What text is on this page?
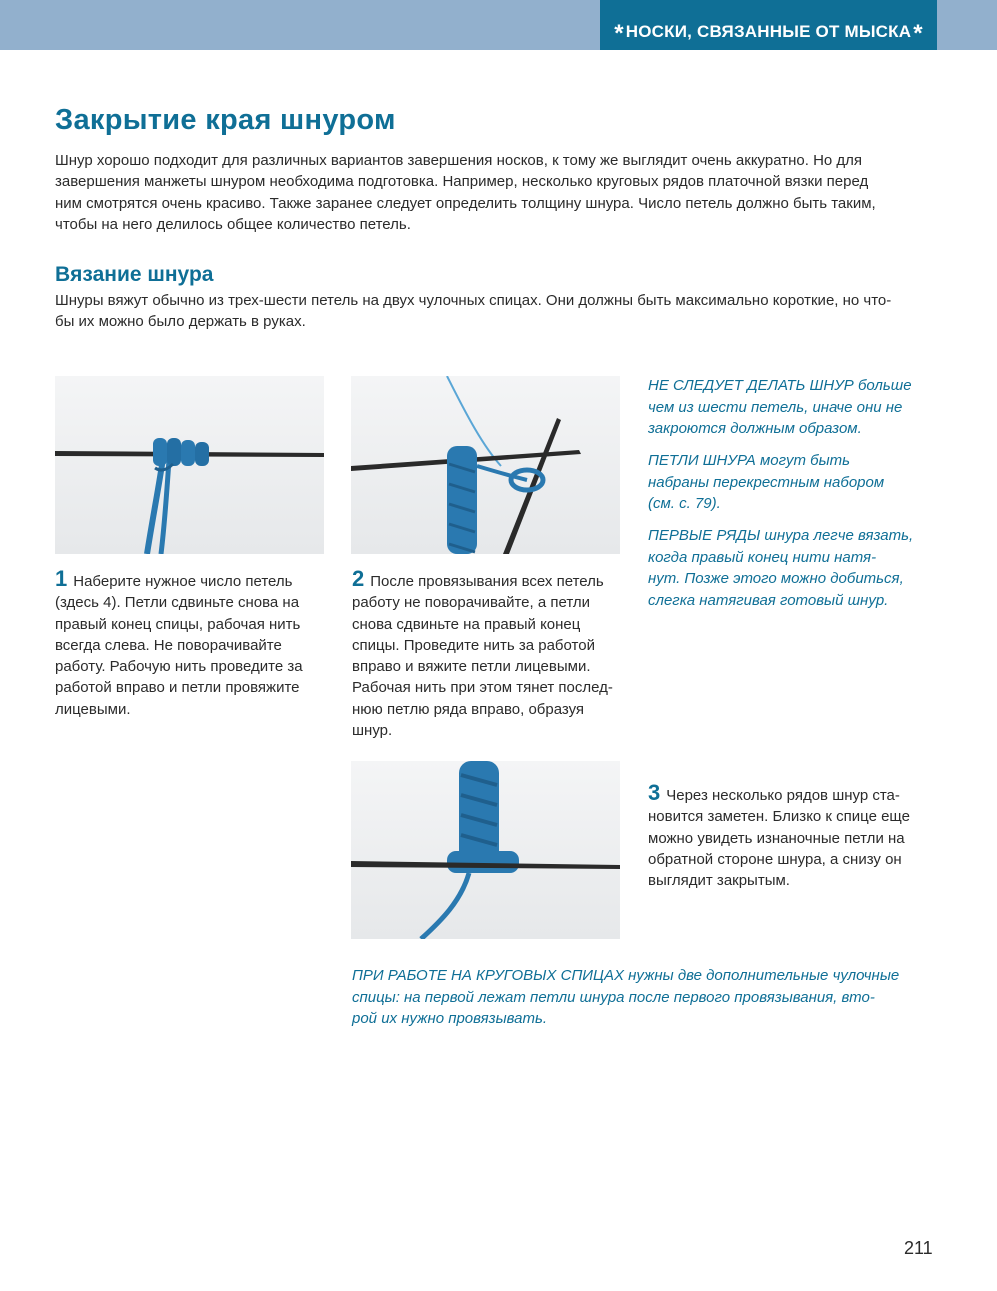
* НОСКИ, СВЯЗАННЫЕ ОТ МЫСКА *
Закрытие края шнуром
Шнур хорошо подходит для различных вариантов завершения носков, к тому же выглядит очень аккуратно. Но для
завершения манжеты шнуром необходима подготовка. Например, несколько круговых рядов платочной вязки перед
ним смотрятся очень красиво. Также заранее следует определить толщину шнура. Число петель должно быть таким,
чтобы на него делилось общее количество петель.
Вязание шнура
Шнуры вяжут обычно из трех-шести петель на двух чулочных спицах. Они должны быть максимально короткие, но что-
бы их можно было держать в руках.
НЕ СЛЕДУЕТ ДЕЛАТЬ ШНУР больше
чем из шести петель, иначе они не
закроются должным образом.
ПЕТЛИ ШНУРА могут быть
набраны перекрестным набором
(см. с. 79).
ПЕРВЫЕ РЯДЫ шнура легче вязать,
когда правый конец нити натя-
нут. Позже этого можно добиться,
слегка натягивая готовый шнур.
1 Наберите нужное число петель
(здесь 4). Петли сдвиньте снова на
правый конец спицы, рабочая нить
всегда слева. Не поворачивайте
работу. Рабочую нить проведите за
работой вправо и петли провяжите
лицевыми.
2 После провязывания всех петель
работу не поворачивайте, а петли
снова сдвиньте на правый конец
спицы. Проведите нить за работой
вправо и вяжите петли лицевыми.
Рабочая нить при этом тянет послед-
нюю петлю ряда вправо, образуя
шнур.
3 Через несколько рядов шнур ста-
новится заметен. Близко к спице еще
можно увидеть изнаночные петли на
обратной стороне шнура, а снизу он
выглядит закрытым.
ПРИ РАБОТЕ НА КРУГОВЫХ СПИЦАХ нужны две дополнительные чулочные
спицы: на первой лежат петли шнура после первого провязывания, вто-
рой их нужно провязывать.
211
